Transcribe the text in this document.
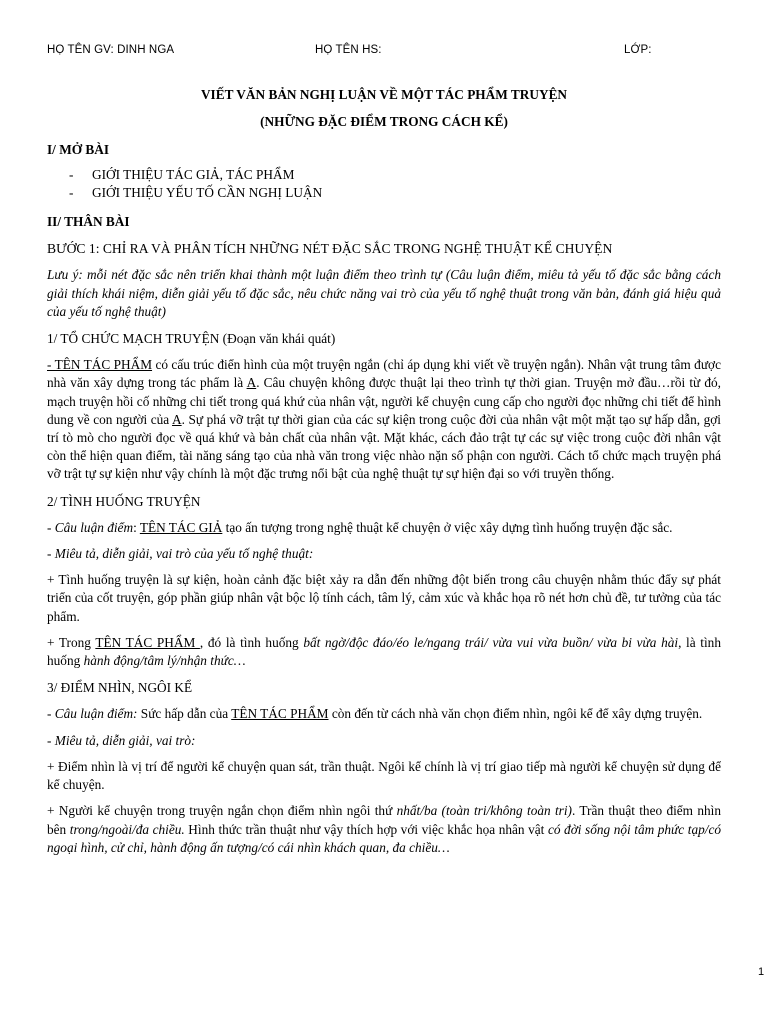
HỌ TÊN GV: DINH NGA	HỌ TÊN HS:	LỚP:

VIẾT VĂN BẢN NGHỊ LUẬN VỀ MỘT TÁC PHẨM TRUYỆN

(NHỮNG ĐẶC ĐIỂM TRONG CÁCH KỂ)

I/ MỞ BÀI

- GIỚI THIỆU TÁC GIẢ, TÁC PHẨM
- GIỚI THIỆU YẾU TỐ CẦN NGHỊ LUẬN

II/ THÂN BÀI

BƯỚC 1: CHỈ RA VÀ PHÂN TÍCH NHỮNG NÉT ĐẶC SẮC TRONG NGHỆ THUẬT KỂ CHUYỆN

Lưu ý: mỗi nét đặc sắc nên triển khai thành một luận điểm theo trình tự (Câu luận điểm, miêu tả yếu tố đặc sắc bằng cách giải thích khái niệm, diễn giải yếu tố đặc sắc, nêu chức năng vai trò của yếu tố nghệ thuật trong văn bản, đánh giá hiệu quả của yếu tố nghệ thuật)

1/ TỔ CHỨC MẠCH TRUYỆN (Đoạn văn khái quát)

- TÊN TÁC PHẨM có cấu trúc điển hình của một truyện ngắn (chỉ áp dụng khi viết về truyện ngắn). Nhân vật trung tâm được nhà văn xây dựng trong tác phẩm là A. Câu chuyện không được thuật lại theo trình tự thời gian. Truyện mở đầu…rồi từ đó, mạch truyện hồi cố những chi tiết trong quá khứ của nhân vật, người kể chuyện cung cấp cho người đọc những chi tiết để hình dung về con người của A. Sự phá vỡ trật tự thời gian của các sự kiện trong cuộc đời của nhân vật một mặt tạo sự hấp dẫn, gợi trí tò mò cho người đọc về quá khứ và bản chất của nhân vật. Mặt khác, cách đảo trật tự các sự việc trong cuộc đời nhân vật còn thể hiện quan điểm, tài năng sáng tạo của nhà văn trong việc nhào nặn số phận con người. Cách tổ chức mạch truyện phá vỡ trật tự sự kiện như vậy chính là một đặc trưng nổi bật của nghệ thuật tự sự hiện đại so với truyền thống.

2/ TÌNH HUỐNG TRUYỆN

- Câu luận điểm: TÊN TÁC GIẢ tạo ấn tượng trong nghệ thuật kể chuyện ở việc xây dựng tình huống truyện đặc sắc.

- Miêu tả, diễn giải, vai trò của yếu tố nghệ thuật:

+ Tình huống truyện là sự kiện, hoàn cảnh đặc biệt xảy ra dẫn đến những đột biến trong câu chuyện nhằm thúc đẩy sự phát triển của cốt truyện, góp phần giúp nhân vật bộc lộ tính cách, tâm lý, cảm xúc và khắc họa rõ nét hơn chủ đề, tư tưởng của tác phẩm.

+ Trong TÊN TÁC PHẨM , đó là tình huống bất ngờ/độc đáo/éo le/ngang trái/ vừa vui vừa buồn/ vừa bi vừa hài, là tình huống hành động/tâm lý/nhận thức…

3/ ĐIỂM NHÌN, NGÔI KỂ

- Câu luận điểm: Sức hấp dẫn của TÊN TÁC PHẨM còn đến từ cách nhà văn chọn điểm nhìn, ngôi kể để xây dựng truyện.

- Miêu tả, diễn giải, vai trò:

+ Điểm nhìn là vị trí để người kể chuyện quan sát, trần thuật. Ngôi kể chính là vị trí giao tiếp mà người kể chuyện sử dụng để kể chuyện.

+ Người kể chuyện trong truyện ngắn chọn điểm nhìn ngôi thứ nhất/ba (toàn tri/không toàn tri). Trần thuật theo điểm nhìn bên trong/ngoài/đa chiều. Hình thức trần thuật như vậy thích hợp với việc khắc họa nhân vật có đời sống nội tâm phức tạp/có ngoại hình, cử chỉ, hành động ấn tượng/có cái nhìn khách quan, đa chiều…

1
